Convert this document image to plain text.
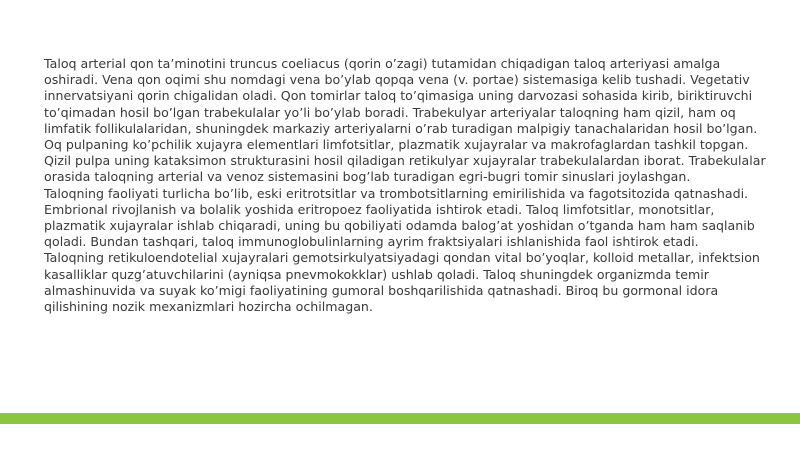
Taloq arterial qon ta’minotini truncus coeliacus (qorin o’zagi) tutamidan chiqadigan taloq arteriyasi amalga oshiradi. Vena qon oqimi shu nomdagi vena bo’ylab qopqa vena (v. portae) sistemasiga kelib tushadi. Vegetativ innervatsiyani qorin chigalidan oladi. Qon tomirlar taloq to’qimasiga uning darvozasi sohasida kirib, biriktiruvchi to’qimadan hosil bo’lgan trabekulalar yo’li bo’ylab boradi. Trabekulyar arteriyalar taloqning ham qizil, ham oq limfatik follikulalaridan, shuningdek markaziy arteriyalarni o’rab turadigan malpigiy tanachalaridan hosil bo’lgan. Oq pulpaning ko’pchilik xujayra elementlari limfotsitlar, plazmatik xujayralar va makrofaglardan tashkil topgan. Qizil pulpa uning kataksimon strukturasini hosil qiladigan retikulyar xujayralar trabekulalardan iborat. Trabekulalar orasida taloqning arterial va venoz sistemasini bog’lab turadigan egri-bugri tomir sinuslari joylashgan.

Taloqning faoliyati turlicha bo’lib, eski eritrotsitlar va trombotsitlarning emirilishida va fagotsitozida qatnashadi. Embrional rivojlanish va bolalik yoshida eritropoez faoliyatida ishtirok etadi. Taloq limfotsitlar, monotsitlar, plazmatik xujayralar ishlab chiqaradi, uning bu qobiliyati odamda balog’at yoshidan o’tganda ham ham saqlanib qoladi. Bundan tashqari, taloq immunoglobulinlarning ayrim fraktsiyalari ishlanishida faol ishtirok etadi.

Taloqning retikuloendotelial xujayralari gemotsirkulyatsiyadagi qondan vital bo’yoqlar, kolloid metallar, infektsion kasalliklar quzg’atuvchilarini (ayniqsa pnevmokokklar) ushlab qoladi. Taloq shuningdek organizmda temir almashinuvida va suyak ko’migi faoliyatining gumoral boshqarilishida qatnashadi. Biroq bu gormonal idora qilishining nozik mexanizmlari hozircha ochilmagan.
